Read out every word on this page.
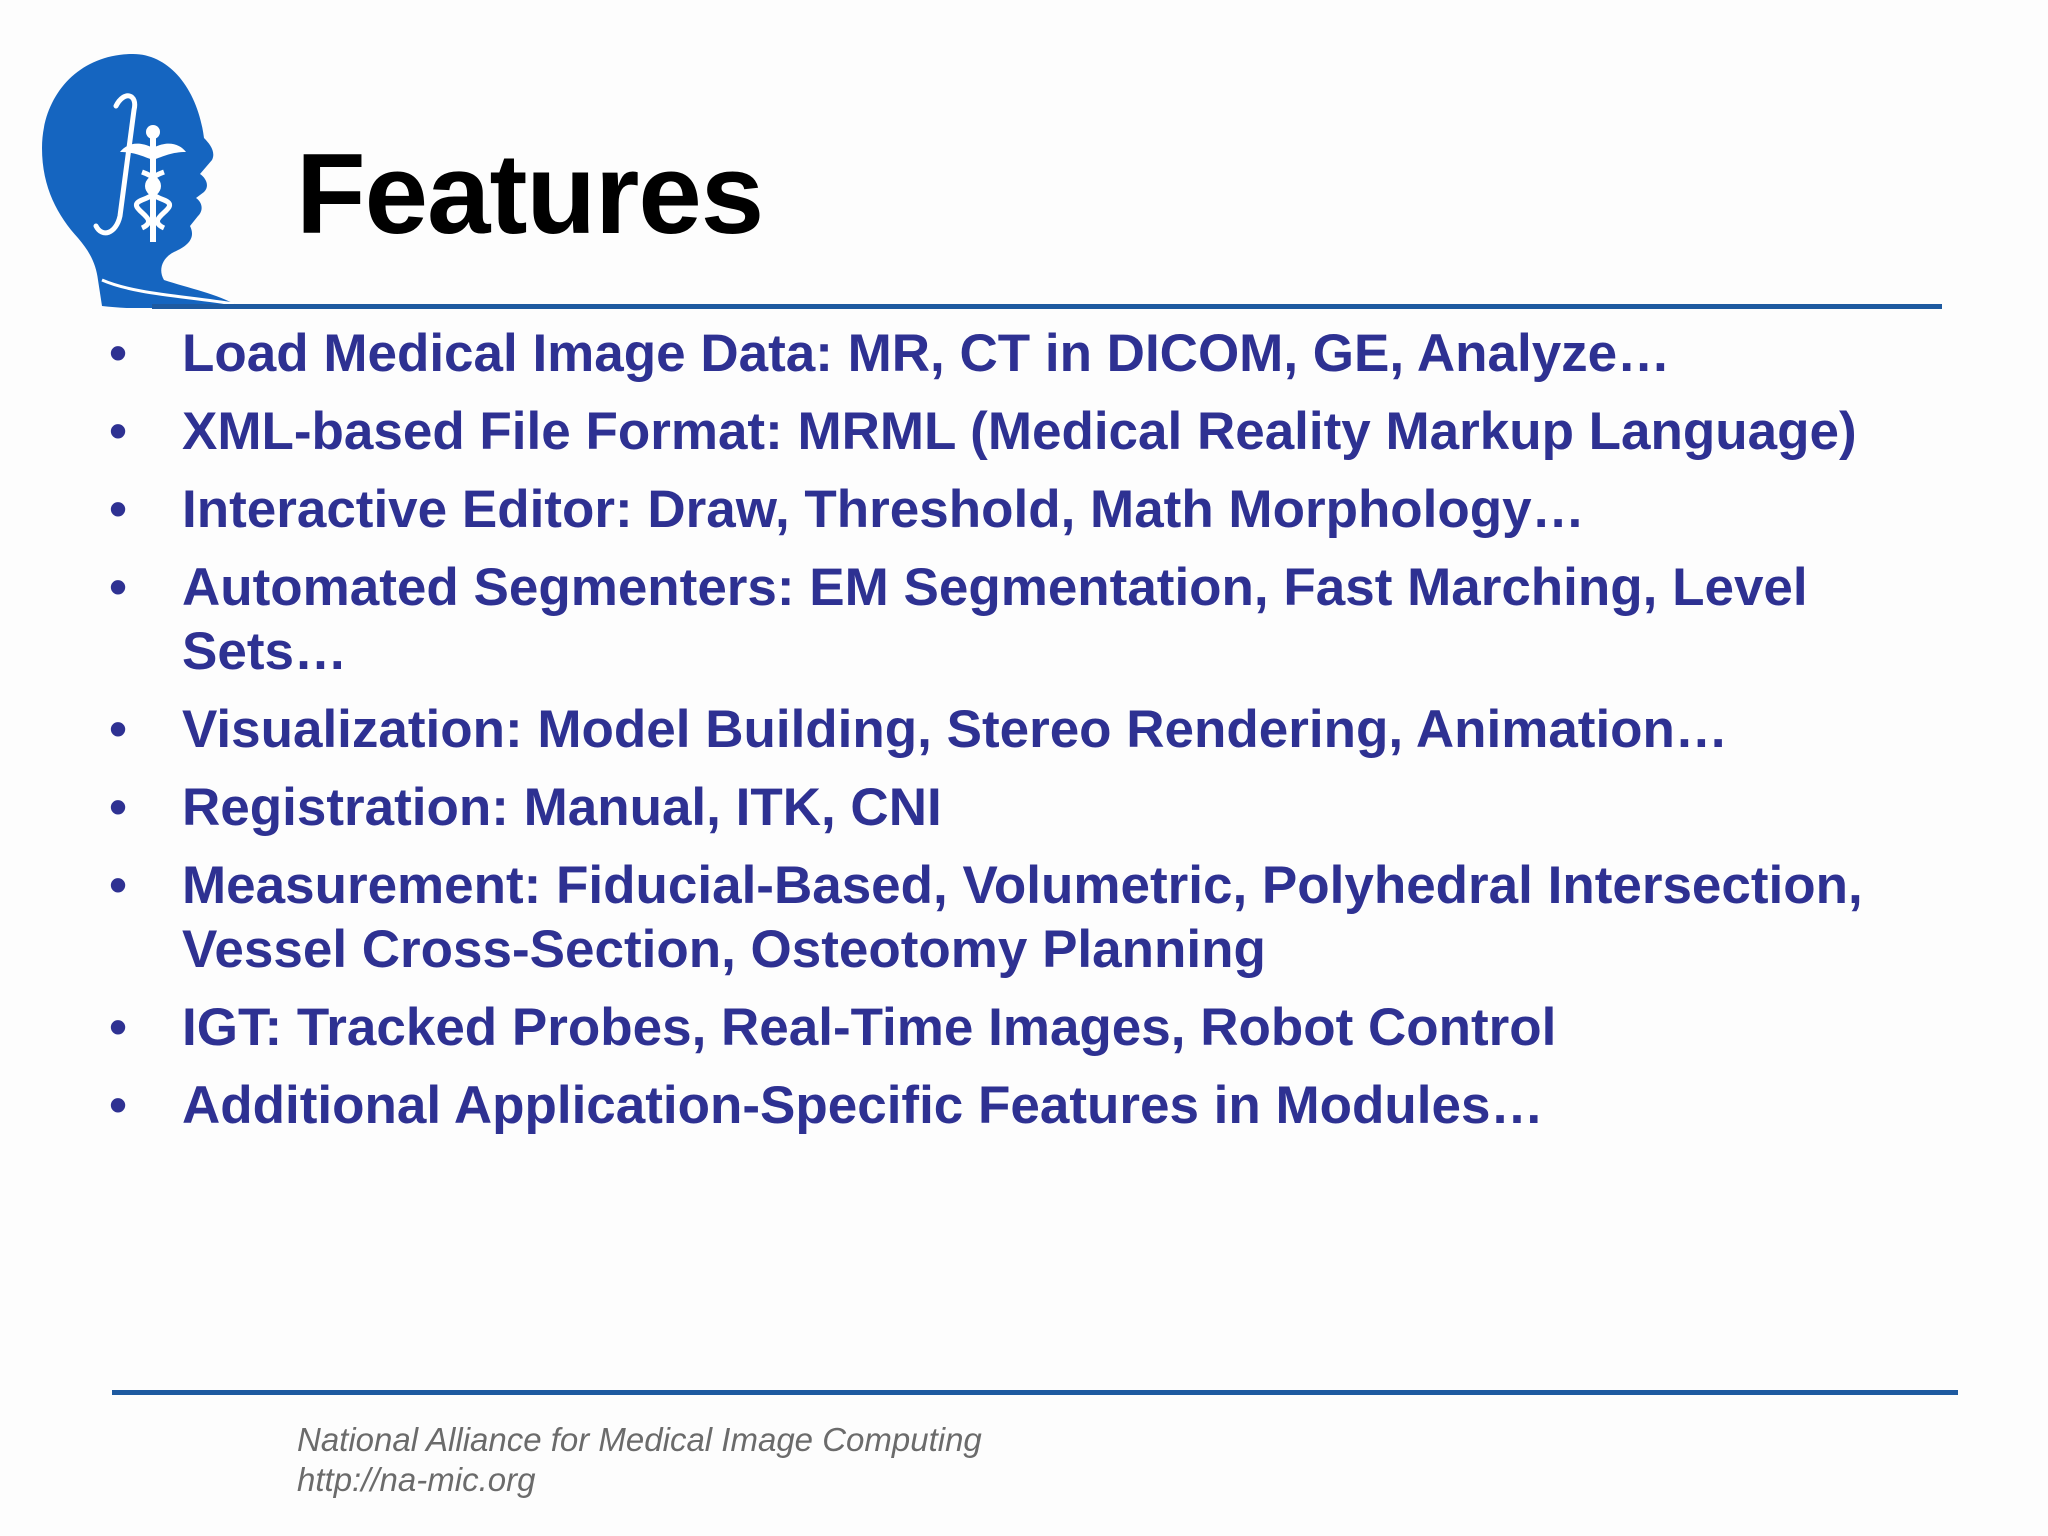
Features
• Load Medical Image Data: MR, CT in DICOM, GE, Analyze…
• XML-based File Format: MRML (Medical Reality Markup Language)
• Interactive Editor: Draw, Threshold, Math Morphology…
• Automated Segmenters: EM Segmentation, Fast Marching, Level Sets…
• Visualization: Model Building, Stereo Rendering, Animation…
• Registration: Manual, ITK, CNI
• Measurement: Fiducial-Based, Volumetric, Polyhedral Intersection, Vessel Cross-Section, Osteotomy Planning
• IGT: Tracked Probes, Real-Time Images, Robot Control
• Additional Application-Specific Features in Modules…
National Alliance for Medical Image Computing
http://na-mic.org
